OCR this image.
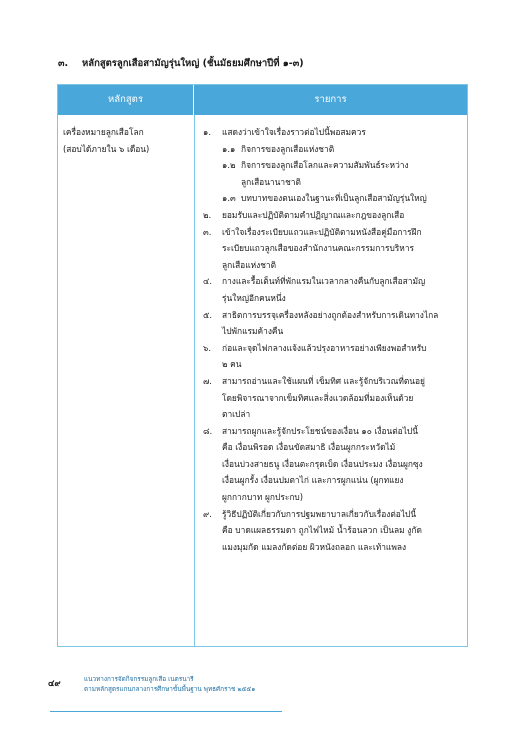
๓. หลักสูตรลูกเสือสามัญรุ่นใหญ่ (ชั้นมัธยมศึกษาปีที่ ๑-๓)
หลักสูตร	รายการ
เครื่องหมายลูกเสือโลก
(สอบได้ภายใน ๖ เดือน)
๑.	แสดงว่าเข้าใจเรื่องราวต่อไปนี้พอสมควร
๑.๑ กิจการของลูกเสือแห่งชาติ
๑.๒ กิจการของลูกเสือโลกและความสัมพันธ์ระหว่าง
ลูกเสือนานาชาติ
๑.๓ บทบาทของตนเองในฐานะที่เป็นลูกเสือสามัญรุ่นใหญ่
๒.	ยอมรับและปฏิบัติตามคำปฏิญาณและกฎของลูกเสือ
๓.	เข้าใจเรื่องระเบียบแถวและปฏิบัติตามหนังสือคู่มือการฝึก
ระเบียบแถวลูกเสือของสำนักงานคณะกรรมการบริหาร
ลูกเสือแห่งชาติ
๔.	กางและรื้อเต็นท์ที่พักแรมในเวลากลางคืนกับลูกเสือสามัญ
รุ่นใหญ่อีกคนหนึ่ง
๕.	สาธิตการบรรจุเครื่องหลังอย่างถูกต้องสำหรับการเดินทางไกล
ไปพักแรมค้างคืน
๖.	ก่อและจุดไฟกลางแจ้งแล้วปรุงอาหารอย่างเพียงพอสำหรับ
๒ คน
๗.	สามารถอ่านและใช้แผนที่ เข็มทิศ และรู้จักบริเวณที่ตนอยู่
โดยพิจารณาจากเข็มทิศและสิ่งแวดล้อมที่มองเห็นด้วย
ตาเปล่า
๘.	สามารถผูกและรู้จักประโยชน์ของเงื่อน ๑๐ เงื่อนต่อไปนี้
คือ เงื่อนพิรอด เงื่อนขัดสมาธิ เงื่อนผูกกระหวัดไม้
เงื่อนบ่วงสายธนู เงื่อนตะกรุดเบ็ด เงื่อนประมง เงื่อนผูกซุง
เงื่อนผูกรั้ง เงื่อนปมตาไก่ และการผูกแน่น (ผูกทแยง
ผูกกากบาท ผูกประกบ)
๙.	รู้วิธีปฏิบัติเกี่ยวกับการปฐมพยาบาลเกี่ยวกับเรื่องต่อไปนี้
คือ บาดแผลธรรมดา ถูกไฟไหม้ น้ำร้อนลวก เป็นลม งูกัด
แมงมุมกัด แมลงกัดต่อย ผิวหนังถลอก และเท้าแพลง
๔๙	แนวทางการจัดกิจกรรมลูกเสือ เนตรนารี
ตามหลักสูตรแกนกลางการศึกษาขั้นพื้นฐาน พุทธศักราช ๒๕๕๑
